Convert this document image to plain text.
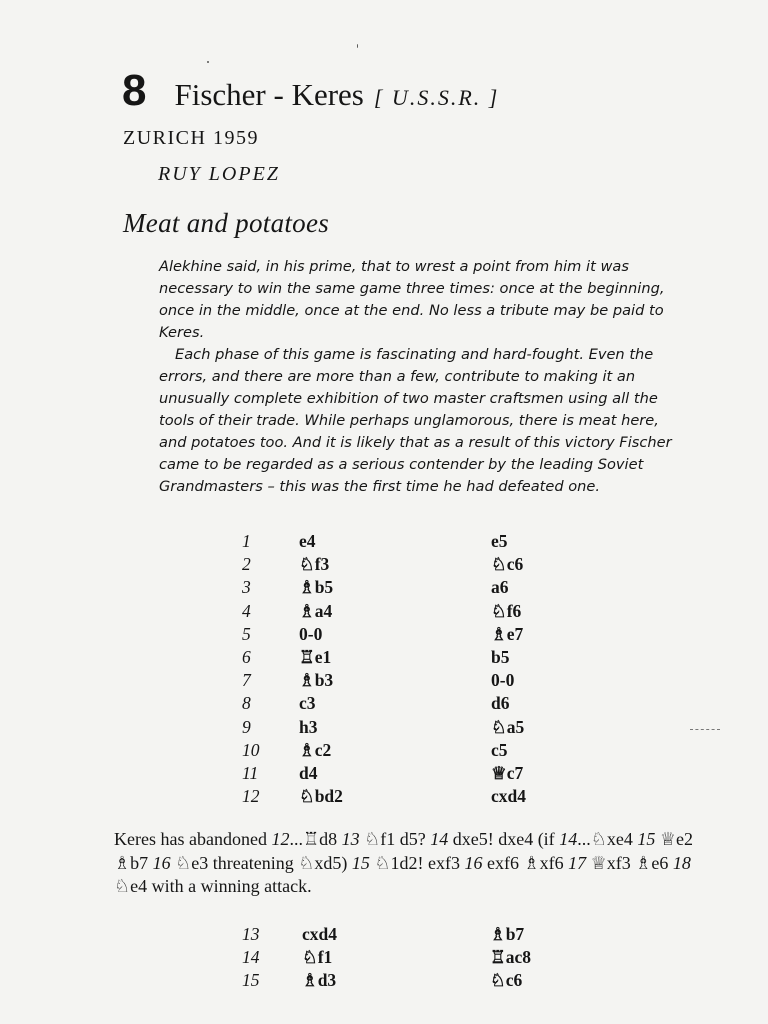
8 Fischer - Keres [ U.S.S.R. ]
ZURICH 1959
RUY LOPEZ
Meat and potatoes

Alekhine said, in his prime, that to wrest a point from him it was necessary to win the same game three times: once at the beginning, once in the middle, once at the end. No less a tribute may be paid to Keres.

Each phase of this game is fascinating and hard-fought. Even the errors, and there are more than a few, contribute to making it an unusually complete exhibition of two master craftsmen using all the tools of their trade. While perhaps unglamorous, there is meat here, and potatoes too. And it is likely that as a result of this victory Fischer came to be regarded as a serious contender by the leading Soviet Grandmasters – this was the first time he had defeated one.

1	e4	e5
2	♘f3	♘c6
3	♗b5	a6
4	♗a4	♘f6
5	0-0	♗e7
6	♖e1	b5
7	♗b3	0-0
8	c3	d6
9	h3	♘a5
10	♗c2	c5
11	d4	♕c7
12	♘bd2	cxd4

Keres has abandoned 12...♖d8 13 ♘f1 d5? 14 dxe5! dxe4 (if 14...♘xe4 15 ♕e2 ♗b7 16 ♘e3 threatening ♘xd5) 15 ♘1d2! exf3 16 exf6 ♗xf6 17 ♕xf3 ♗e6 18 ♘e4 with a winning attack.

13	cxd4	♗b7
14	♘f1	♖ac8
15	♗d3	♘c6
